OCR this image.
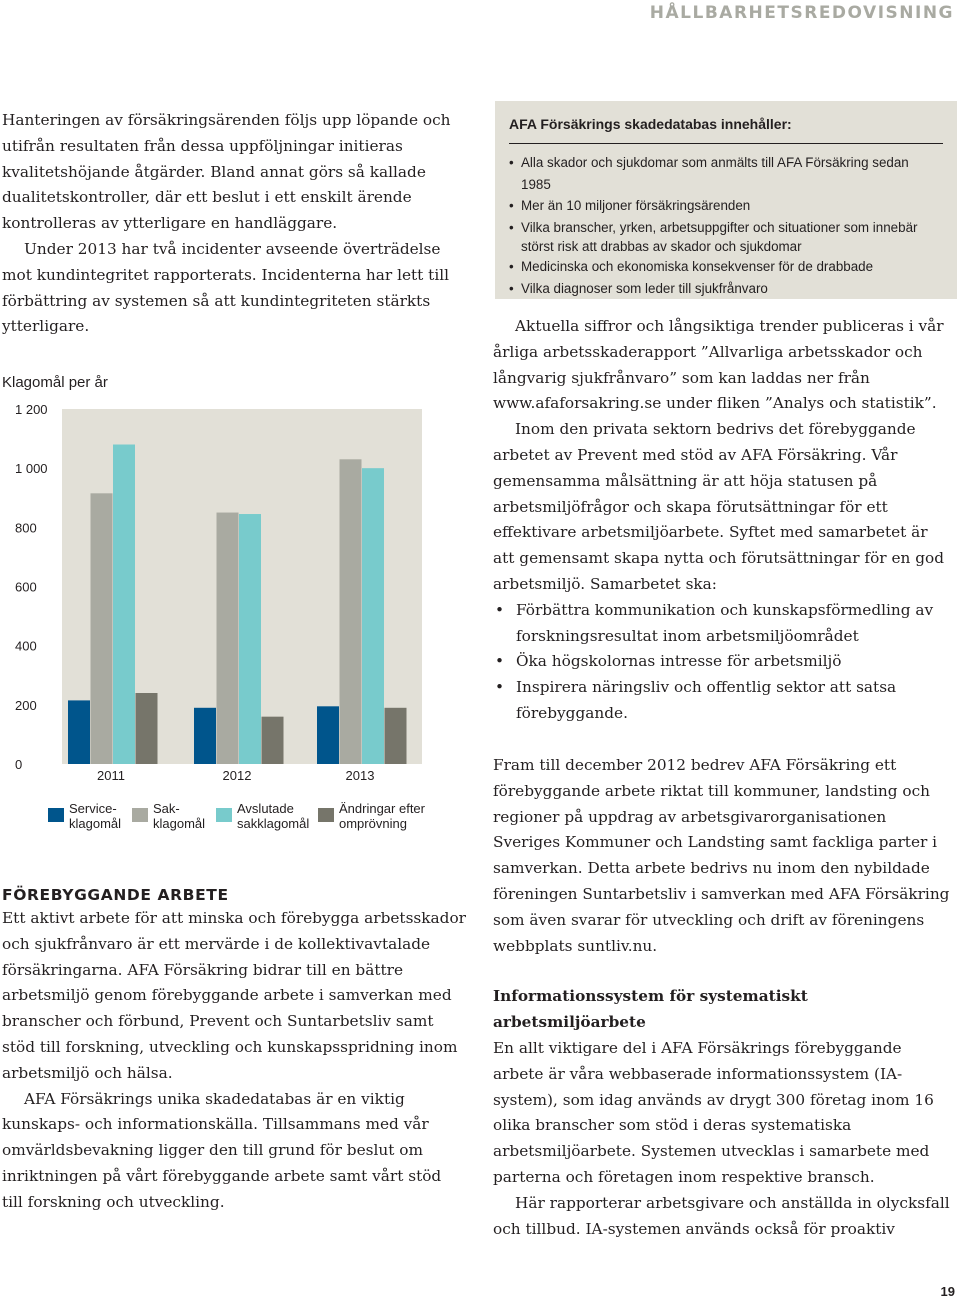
HÅLLBARHETSREDOVISNING

Hanteringen av försäkringsärenden följs upp löpande och utifrån resultaten från dessa uppföljningar initieras kvalitetshöjande åtgärder. Bland annat görs så kallade dualitetskontroller, där ett beslut i ett enskilt ärende kontrolleras av ytterligare en handläggare.

Under 2013 har två incidenter avseende överträdelse mot kundintegritet rapporterats. Incidenterna har lett till förbättring av systemen så att kundintegriteten stärkts ytterligare.

Klagomål per år
1 200
1 000
800
600
400
200
0
2011	2012	2013
Service-
klagomål
Sak-
klagomål
Avslutade
sakklagomål
Ändringar efter
omprövning
FÖREBYGGANDE ARBETE

Ett aktivt arbete för att minska och förebygga arbetsskador och sjukfrånvaro är ett mervärde i de kollektivavtalade försäkringarna. AFA Försäkring bidrar till en bättre arbetsmiljö genom förebyggande arbete i samverkan med branscher och förbund, Prevent och Suntarbetsliv samt stöd till forskning, utveckling och kunskapsspridning inom arbetsmiljö och hälsa.

AFA Försäkrings unika skadedatabas är en viktig kunskaps- och informationskälla. Tillsammans med vår omvärldsbevakning ligger den till grund för beslut om inriktningen på vårt förebyggande arbete samt vårt stöd till forskning och utveckling.

AFA Försäkrings skadedatabas innehåller:
• Alla skador och sjukdomar som anmälts till AFA Försäkring sedan 1985
• Mer än 10 miljoner försäkringsärenden
• Vilka branscher, yrken, arbetsuppgifter och situationer som innebär
störst risk att drabbas av skador och sjukdomar
• Medicinska och ekonomiska konsekvenser för de drabbade
• Vilka diagnoser som leder till sjukfrånvaro

Aktuella siffror och långsiktiga trender publiceras i vår årliga arbetsskaderapport ”Allvarliga arbetsskador och långvarig sjukfrånvaro” som kan laddas ner från www.afaforsakring.se under fliken ”Analys och statistik”.

Inom den privata sektorn bedrivs det förebyggande arbetet av Prevent med stöd av AFA Försäkring. Vår gemensamma målsättning är att höja statusen på arbetsmiljöfrågor och skapa förutsättningar för ett effektivare arbetsmiljöarbete. Syftet med samarbetet är att gemensamt skapa nytta och förutsättningar för en god arbetsmiljö. Samarbetet ska:

• Förbättra kommunikation och kunskapsförmedling av forskningsresultat inom arbetsmiljöområdet
• Öka högskolornas intresse för arbetsmiljö
• Inspirera näringsliv och offentlig sektor att satsa förebyggande.

Fram till december 2012 bedrev AFA Försäkring ett förebyggande arbete riktat till kommuner, landsting och regioner på uppdrag av arbetsgivarorganisationen Sveriges Kommuner och Landsting samt fackliga parter i samverkan. Detta arbete bedrivs nu inom den nybildade föreningen Suntarbetsliv i samverkan med AFA Försäkring som även svarar för utveckling och drift av föreningens webbplats suntliv.nu.

Informationssystem för systematiskt arbetsmiljöarbete

En allt viktigare del i AFA Försäkrings förebyggande arbete är våra webbaserade informationssystem (IA-system), som idag används av drygt 300 företag inom 16 olika branscher som stöd i deras systematiska arbetsmiljöarbete. Systemen utvecklas i samarbete med parterna och företagen inom respektive bransch.

Här rapporterar arbetsgivare och anställda in olycksfall och tillbud. IA-systemen används också för proaktiv

19
